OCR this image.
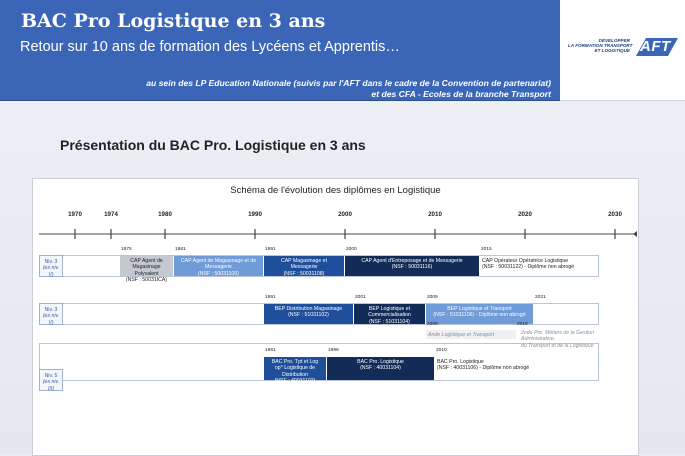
BAC Pro Logistique en 3 ans
Retour sur 10 ans de formation des Lycéens et Apprentis…
au sein des LP Education Nationale (suivis par l'AFT dans le cadre de la Convention de partenariat)
et des CFA - Ecoles de la branche Transport
DÉVELOPPER
LA FORMATION TRANSPORT
ET LOGISTIQUE AFT
Présentation du BAC Pro. Logistique en 3 ans
Schéma de l'évolution des diplômes en Logistique
1970	1974	1980	1990	2000	2010	2020	2030
Niv. 3
(ex niv. V)
Niv. 3
(ex niv. V)
Niv. 5
(ex niv. III)
1975
CAP Agent de
Magasinage
Polyvalent
(NSF : 50031ICA)
1981
CAP Agent de Magasinage et de
Messagerie
(NSF : 50031109)
1991
CAP Magasinage et
Messagerie
(NSF : 50031108)
2000
CAP Agent d'Entreposage et de Messagerie
(NSF : 50031116)
2015
CAP Opérateur Opératrice Logistique
(NSF : 50031122) - Diplôme non abrogé
1991
BEP Distribution Magasinage
(NSF : 51031102)
2001
BEP Logistique et
Commercialisation
(NSF : 51031104)
2009
BEP Logistique et Transport
(NSF : 51031106) - Diplôme non abrogé
2021
Ande Logistique et Transport
2019
2009
2nde Pro. Métiers de la Gestion Administrative,
du Transport et de la Logistique
1991
BAC Pro. Tpt et Log
op° Logistique de
Distribution
(NSF : 40031102)
1998
BAC Pro. Logistique
(NSF : 40031104)
2010
BAC Pro. Logistique
(NSF : 40031106) - Diplôme non abrogé
